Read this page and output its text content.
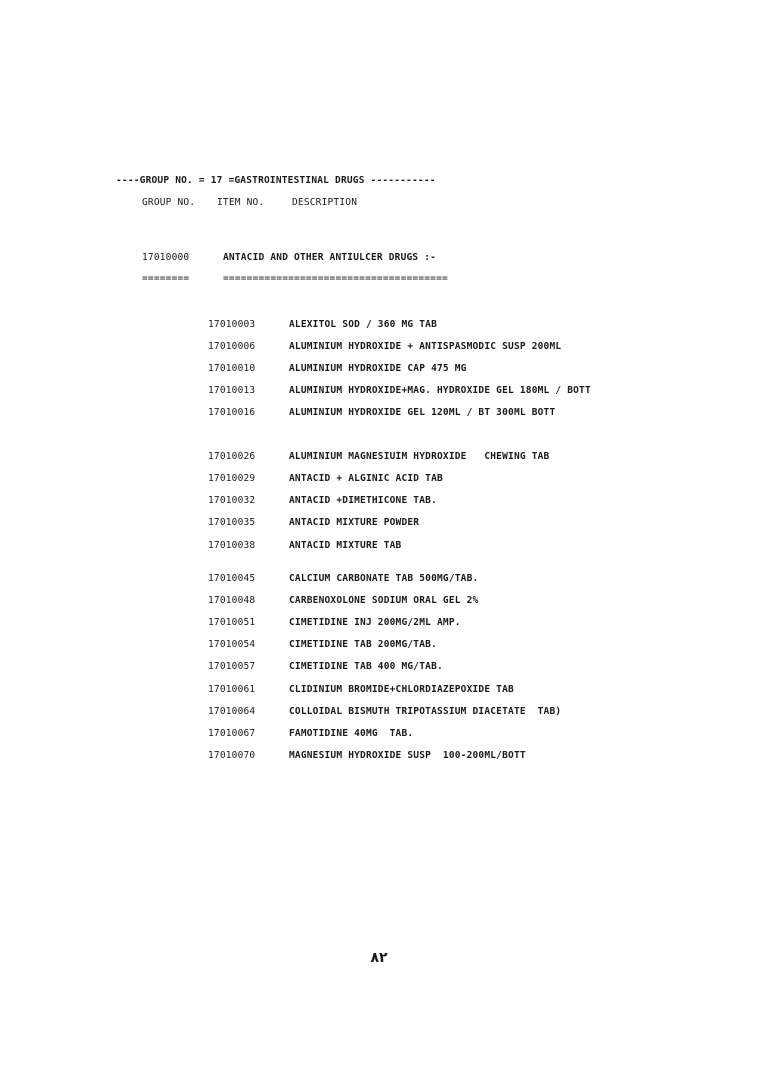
----GROUP NO. = 17 =GASTROINTESTINAL DRUGS -----------
GROUP NO. ITEM NO.	DESCRIPTION
17010000	ANTACID AND OTHER ANTIULCER DRUGS :-
========	======================================
17010003	ALEXITOL SOD / 360 MG TAB
17010006	ALUMINIUM HYDROXIDE + ANTISPASMODIC SUSP 200ML
17010010	ALUMINIUM HYDROXIDE CAP 475 MG
17010013	ALUMINIUM HYDROXIDE+MAG. HYDROXIDE GEL 180ML / BOTT
17010016	ALUMINIUM HYDROXIDE GEL 120ML / BT 300ML BOTT
17010026	ALUMINIUM MAGNESIUIM HYDROXIDE   CHEWING TAB
17010029	ANTACID + ALGINIC ACID TAB
17010032	ANTACID +DIMETHICONE TAB.
17010035	ANTACID MIXTURE POWDER
17010038	ANTACID MIXTURE TAB
17010045	CALCIUM CARBONATE TAB 500MG/TAB.
17010048	CARBENOXOLONE SODIUM ORAL GEL 2%
17010051	CIMETIDINE INJ 200MG/2ML AMP.
17010054	CIMETIDINE TAB 200MG/TAB.
17010057	CIMETIDINE TAB 400 MG/TAB.
17010061	CLIDINIUM BROMIDE+CHLORDIAZEPOXIDE TAB
17010064	COLLOIDAL BISMUTH TRIPOTASSIUM DIACETATE  TAB)
17010067	FAMOTIDINE 40MG  TAB.
17010070	MAGNESIUM HYDROXIDE SUSP  100-200ML/BOTT
٨٢
